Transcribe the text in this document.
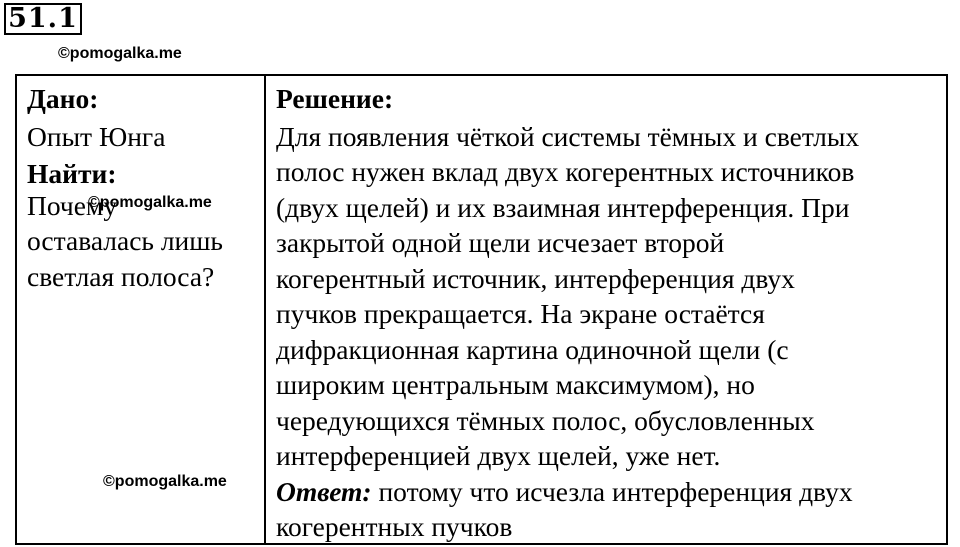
51.1
©pomogalka.me
Дано:
Опыт Юнга
Найти:
Почему
оставалась лишь
светлая полоса?
Решение:
Для появления чёткой системы тёмных и светлых
полос нужен вклад двух когерентных источников
(двух щелей) и их взаимная интерференция. При
закрытой одной щели исчезает второй
когерентный источник, интерференция двух
пучков прекращается. На экране остаётся
дифракционная картина одиночной щели (с
широким центральным максимумом), но
чередующихся тёмных полос, обусловленных
интерференцией двух щелей, уже нет.
Ответ: потому что исчезла интерференция двух
когерентных пучков
©pomogalka.me
©pomogalka.me
